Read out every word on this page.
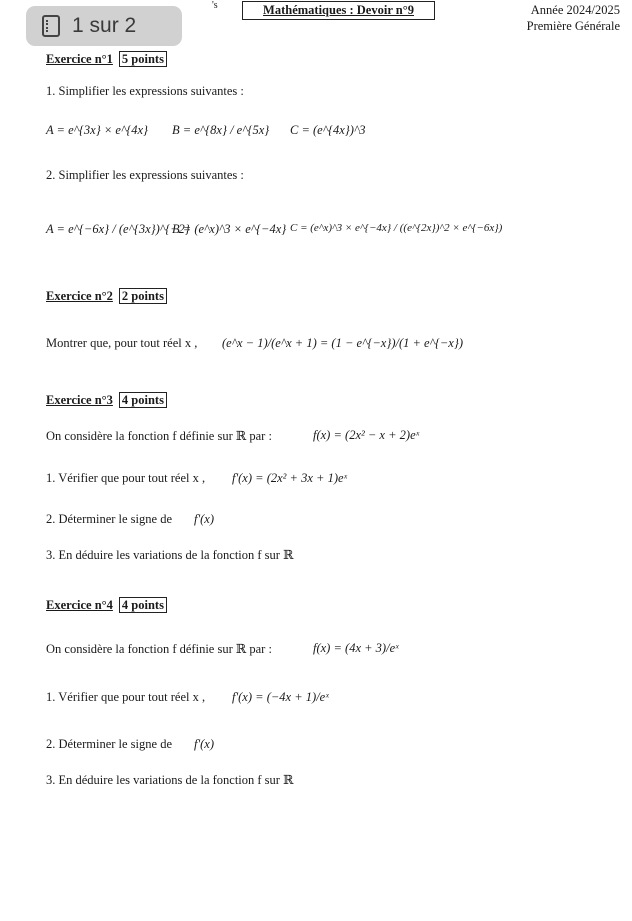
's	Mathématiques : Devoir n°9	Année 2024/2025
Première Générale
1 sur 2
Exercice n°1 5 points
1. Simplifier les expressions suivantes :
A = e^{3x} × e^{4x} B = e^{8x} / e^{5x} C = (e^{4x})^3
2. Simplifier les expressions suivantes :
A = e^{−6x} / (e^{3x})^{−2}
B = (e^x)^3 × e^{−4x} C = (e^x)^3 × e^{−4x} / ((e^{2x})^2 × e^{−6x})
Exercice n°2 2 points
Montrer que, pour tout réel x , (e^x − 1)/(e^x + 1) = (1 − e^{−x})/(1 + e^{−x})
Exercice n°3 4 points
On considère la fonction f définie sur ℝ par :	f(x) = (2x² − x + 2)eˣ
1. Vérifier que pour tout réel x , f'(x) = (2x² + 3x + 1)eˣ
2. Déterminer le signe de f'(x)
3. En déduire les variations de la fonction f sur ℝ
Exercice n°4 4 points
On considère la fonction f définie sur ℝ par :	f(x) = (4x + 3)/eˣ
1. Vérifier que pour tout réel x , f'(x) = (−4x + 1)/eˣ
2. Déterminer le signe de f'(x)
3. En déduire les variations de la fonction f sur ℝ
